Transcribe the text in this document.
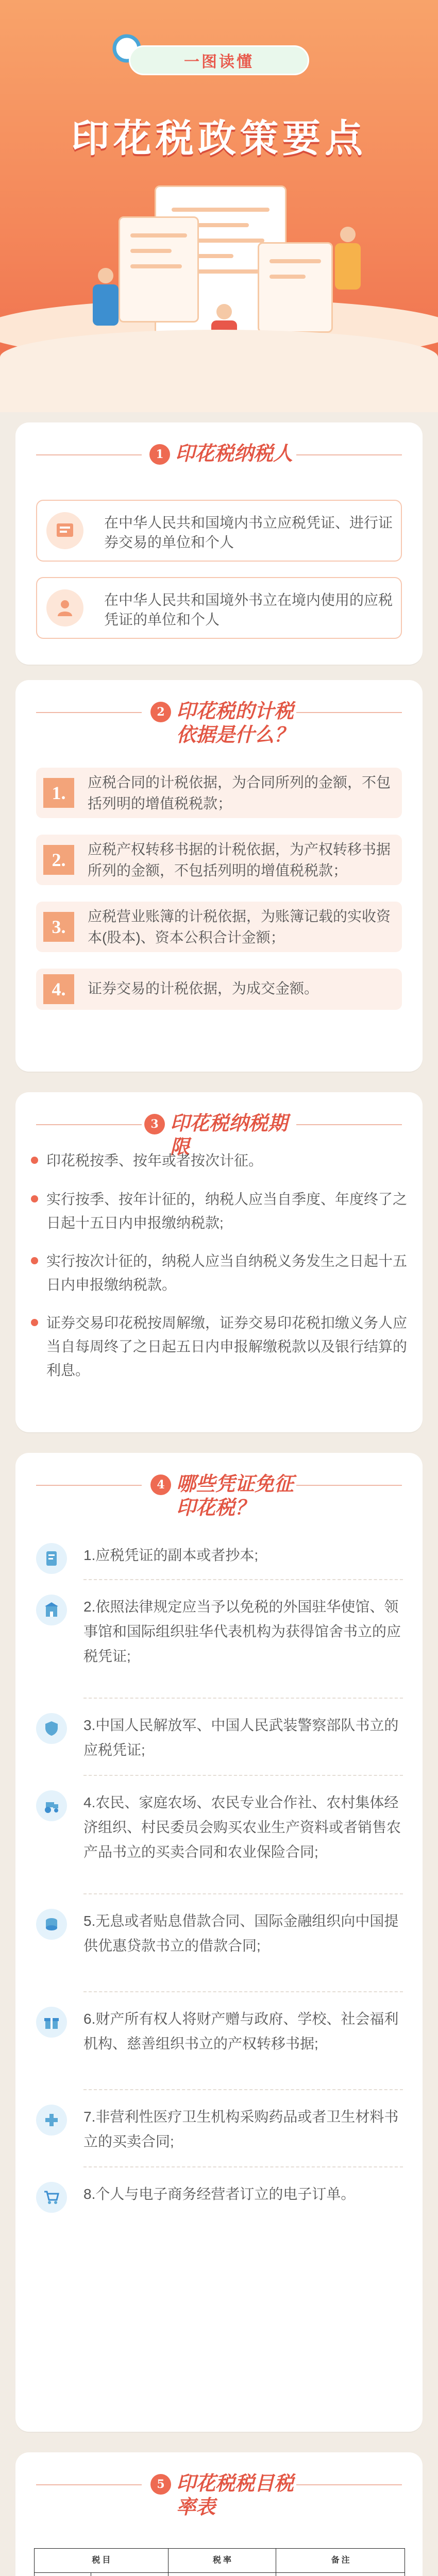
一图读懂
印花税政策要点
1 印花税纳税人
在中华人民共和国境内书立应税凭证、进行证券交易的单位和个人
在中华人民共和国境外书立在境内使用的应税凭证的单位和个人
2 印花税的计税依据是什么？
1.
应税合同的计税依据，为合同所列的金额，不包括列明的增值税税款；
2.
应税产权转移书据的计税依据，为产权转移书据所列的金额，不包括列明的增值税税款；
3.
应税营业账簿的计税依据，为账簿记载的实收资本(股本)、资本公积合计金额；
4.	证券交易的计税依据，为成交金额。
3 印花税纳税期限
印花税按季、按年或者按次计征。
实行按季、按年计征的，纳税人应当自季度、年度终了之日起十五日内申报缴纳税款;
实行按次计征的，纳税人应当自纳税义务发生之日起十五日内申报缴纳税款。
证券交易印花税按周解缴，证券交易印花税扣缴义务人应当自每周终了之日起五日内申报解缴税款以及银行结算的利息。
4 哪些凭证免征印花税？
1.应税凭证的副本或者抄本;
2.依照法律规定应当予以免税的外国驻华使馆、领事馆和国际组织驻华代表机构为获得馆舍书立的应税凭证;
3.中国人民解放军、中国人民武装警察部队书立的应税凭证;
4.农民、家庭农场、农民专业合作社、农村集体经济组织、村民委员会购买农业生产资料或者销售农产品书立的买卖合同和农业保险合同;
5.无息或者贴息借款合同、国际金融组织向中国提供优惠贷款书立的借款合同;
6.财产所有权人将财产赠与政府、学校、社会福利机构、慈善组织书立的产权转移书据;
7.非营利性医疗卫生机构采购药品或者卫生材料书立的买卖合同;
8.个人与电子商务经营者订立的电子订单。
5 印花税税目税率表
税 目		税 率	备 注
